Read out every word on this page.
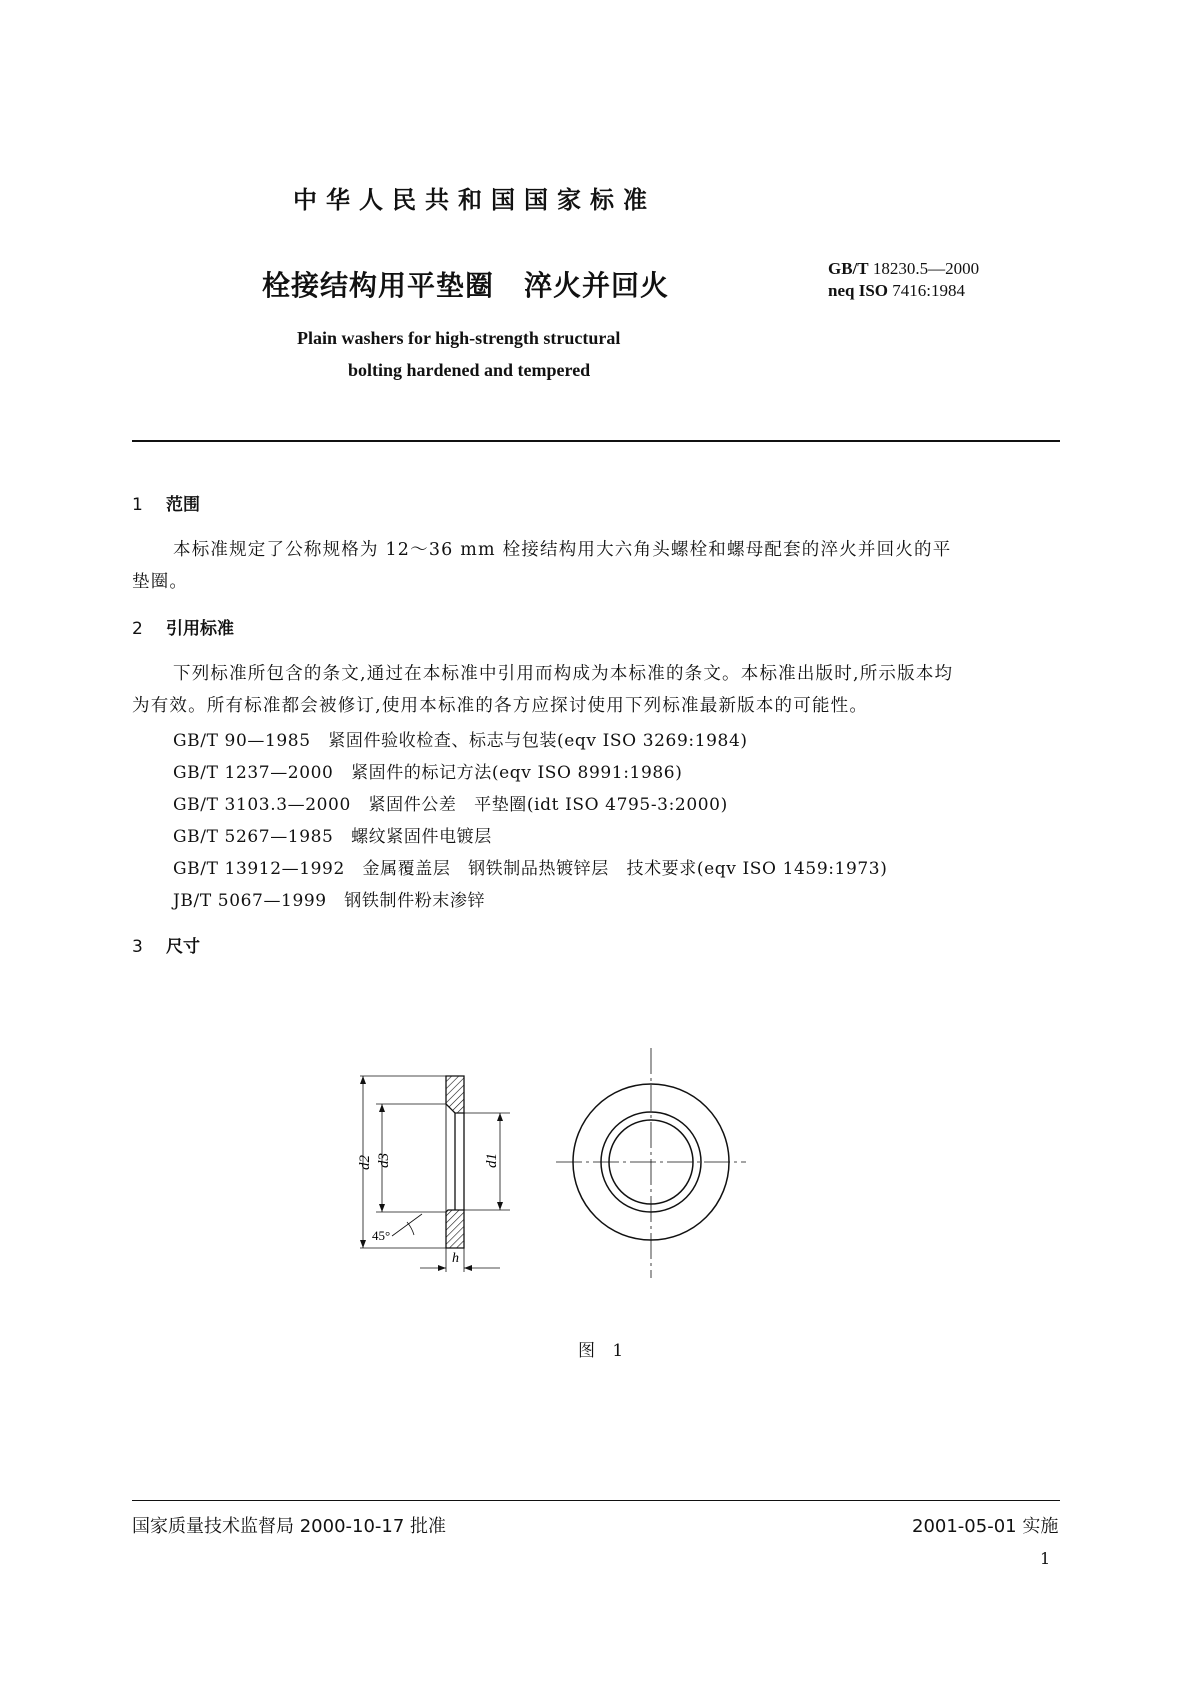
中华人民共和国国家标准
栓接结构用平垫圈 淬火并回火
GB/T 18230.5—2000
neq ISO 7416:1984
Plain washers for high-strength structural
bolting hardened and tempered
1 范围
本标准规定了公称规格为 12～36 mm 栓接结构用大六角头螺栓和螺母配套的淬火并回火的平
垫圈。
2 引用标准
下列标准所包含的条文,通过在本标准中引用而构成为本标准的条文。本标准出版时,所示版本均
为有效。所有标准都会被修订,使用本标准的各方应探讨使用下列标准最新版本的可能性。
GB/T 90—1985　紧固件验收检查、标志与包装(eqv ISO 3269:1984)
GB/T 1237—2000　紧固件的标记方法(eqv ISO 8991:1986)
GB/T 3103.3—2000　紧固件公差　平垫圈(idt ISO 4795-3:2000)
GB/T 5267—1985　螺纹紧固件电镀层
GB/T 13912—1992　金属覆盖层　钢铁制品热镀锌层　技术要求(eqv ISO 1459:1973)
JB/T 5067—1999　钢铁制件粉末渗锌
3 尺寸
d2 d3	d1
45°
h
图 1
国家质量技术监督局 2000-10-17 批准	2001-05-01 实施
1
